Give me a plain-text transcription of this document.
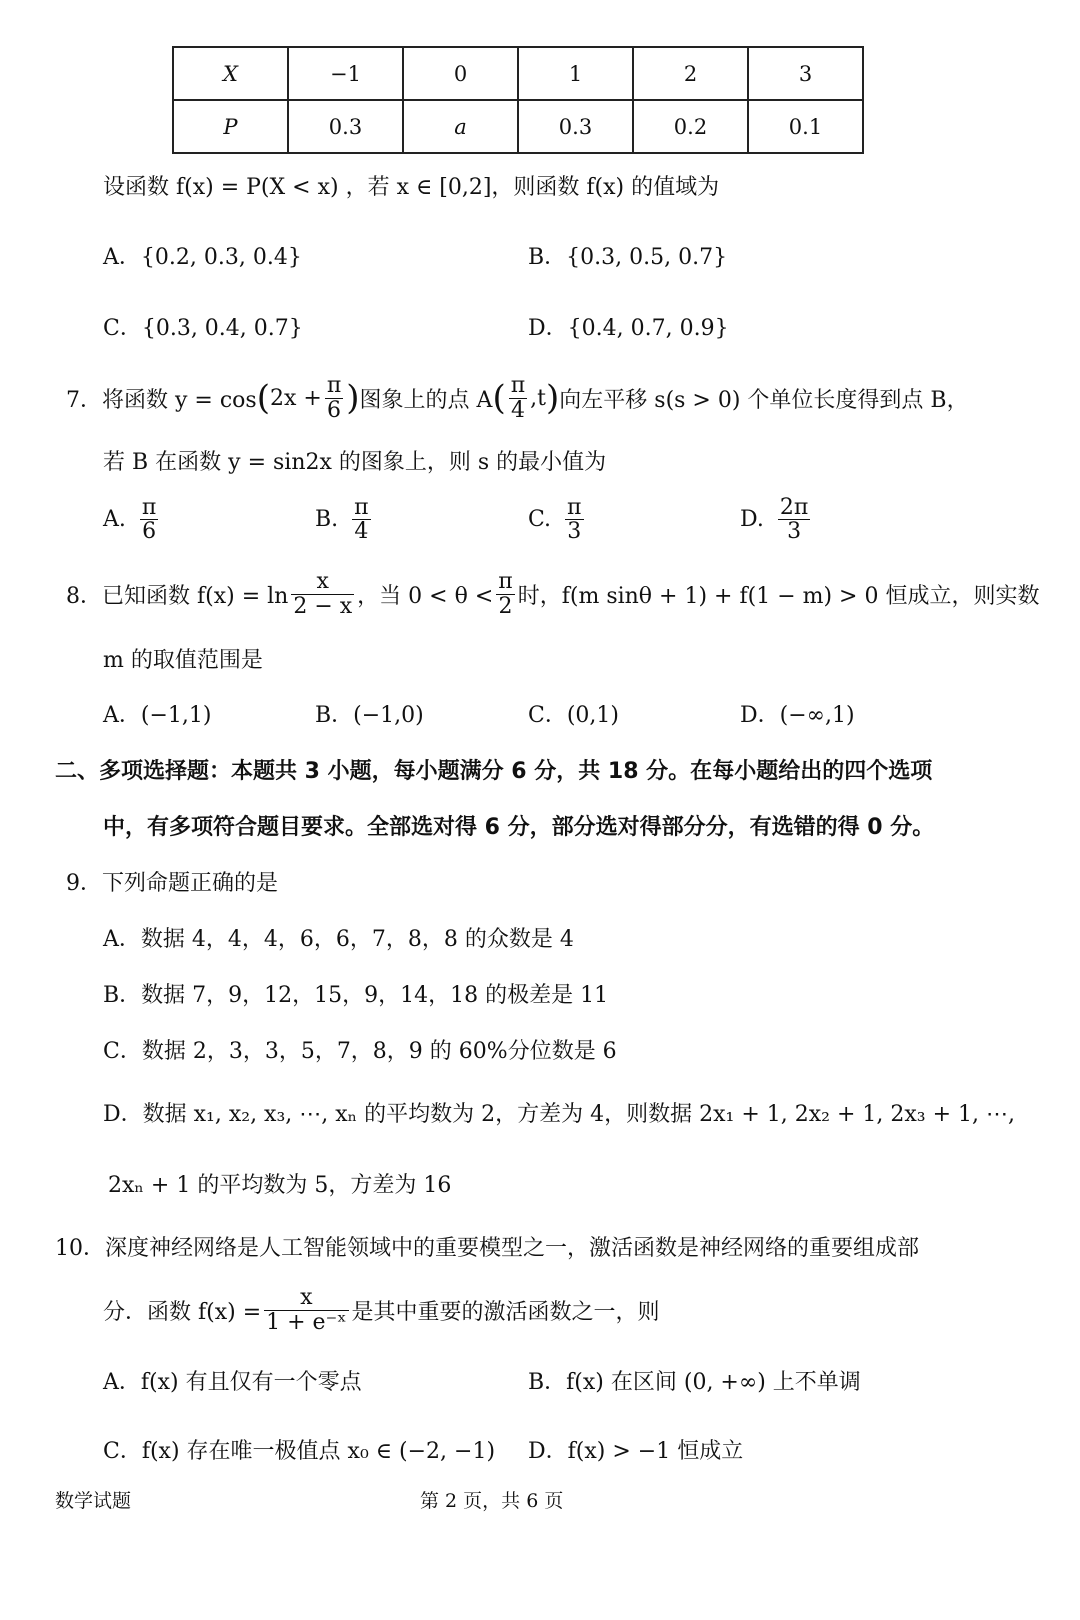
X	−1	0	1	2	3
P	0.3	a	0.3	0.2	0.1
设函数 f(x) = P(X < x) ，若 x ∈ [0,2]，则函数 f(x) 的值域为
A．{0.2, 0.3, 0.4}	B．{0.3, 0.5, 0.7}
C．{0.3, 0.4, 0.7}	D．{0.4, 0.7, 0.9}
7．将函数 y = cos ( $2x + \frac{\pi}{6}$ ) 图象上的点 A ( $\frac{\pi}{4} ,t$ ) 向左平移 s(s > 0) 个单位长度得到点 B，
若 B 在函数 y = sin2x 的图象上，则 s 的最小值为
A. $\frac{\pi}{6}$	B. $\frac{\pi}{4}$	C. $\frac{\pi}{3}$	D. $\frac{2\pi}{3}$
8．已知函数 $f(x) = \ln \frac{x}{2 - x}$ ，当 $0 < \theta < \frac{\pi}{2}$ 时，f(m sinθ + 1) + f(1 − m) > 0 恒成立，则实数
m 的取值范围是
A．(−1,1)	B．(−1,0)	C．(0,1)	D．(−∞,1)
二、多项选择题：本题共 3 小题，每小题满分 6 分，共 18 分。在每小题给出的四个选项
中，有多项符合题目要求。全部选对得 6 分，部分选对得部分分，有选错的得 0 分。
9．下列命题正确的是
A．数据 4，4，4，6，6，7，8，8 的众数是 4
B．数据 7，9，12，15，9，14，18 的极差是 11
C．数据 2，3，3，5，7，8，9 的 60%分位数是 6
D．数据 x₁, x₂, x₃, ⋯, xₙ 的平均数为 2，方差为 4，则数据 2x₁ + 1, 2x₂ + 1, 2x₃ + 1, ⋯,
2xₙ + 1 的平均数为 5，方差为 16
10．深度神经网络是人工智能领域中的重要模型之一，激活函数是神经网络的重要组成部
分．函数 $f(x) = \frac{x}{\text{1 + e⁻ˣ}}$ 是其中重要的激活函数之一，则
A．f(x) 有且仅有一个零点	B．f(x) 在区间 (0, +∞) 上不单调
C．f(x) 存在唯一极值点 x₀ ∈ (−2, −1) D．f(x) > −1 恒成立
数学试题	第 2 页，共 6 页
